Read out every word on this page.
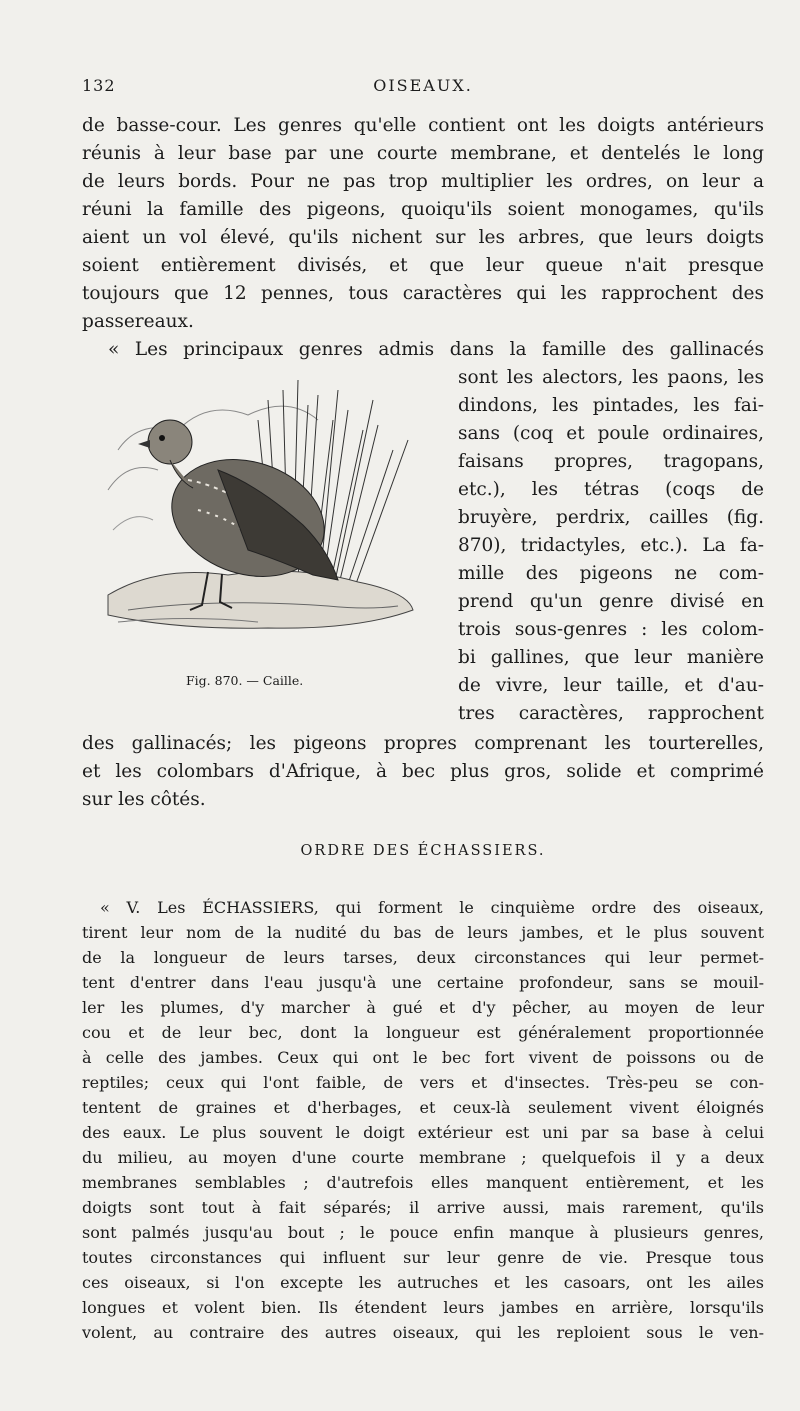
132	OISEAUX.
de basse-cour. Les genres qu'elle contient ont les doigts antérieurs
réunis à leur base par une courte membrane, et dentelés le long
de leurs bords. Pour ne pas trop multiplier les ordres, on leur a
réuni la famille des pigeons, quoiqu'ils soient monogames, qu'ils
aient un vol élevé, qu'ils nichent sur les arbres, que leurs doigts
soient entièrement divisés, et que leur queue n'ait presque
toujours que 12 pennes, tous caractères qui les rapprochent des
passereaux.
« Les principaux genres admis dans la famille des gallinacés
Fig. 870. — Caille.
sont les alectors, les paons, les
dindons, les pintades, les fai-
sans (coq et poule ordinaires,
faisans propres, tragopans,
etc.), les tétras (coqs de
bruyère, perdrix, cailles (fig.
870), tridactyles, etc.). La fa-
mille des pigeons ne com-
prend qu'un genre divisé en
trois sous-genres : les colom-
bi gallines, que leur manière
de vivre, leur taille, et d'au-
tres caractères, rapprochent
des gallinacés; les pigeons propres comprenant les tourterelles,
et les colombars d'Afrique, à bec plus gros, solide et comprimé
sur les côtés.
ORDRE DES ÉCHASSIERS.
« V. Les ÉCHASSIERS, qui forment le cinquième ordre des oiseaux,
tirent leur nom de la nudité du bas de leurs jambes, et le plus souvent
de la longueur de leurs tarses, deux circonstances qui leur permet-
tent d'entrer dans l'eau jusqu'à une certaine profondeur, sans se mouil-
ler les plumes, d'y marcher à gué et d'y pêcher, au moyen de leur
cou et de leur bec, dont la longueur est généralement proportionnée
à celle des jambes. Ceux qui ont le bec fort vivent de poissons ou de
reptiles; ceux qui l'ont faible, de vers et d'insectes. Très-peu se con-
tentent de graines et d'herbages, et ceux-là seulement vivent éloignés
des eaux. Le plus souvent le doigt extérieur est uni par sa base à celui
du milieu, au moyen d'une courte membrane ; quelquefois il y a deux
membranes semblables ; d'autrefois elles manquent entièrement, et les
doigts sont tout à fait séparés; il arrive aussi, mais rarement, qu'ils
sont palmés jusqu'au bout ; le pouce enfin manque à plusieurs genres,
toutes circonstances qui influent sur leur genre de vie. Presque tous
ces oiseaux, si l'on excepte les autruches et les casoars, ont les ailes
longues et volent bien. Ils étendent leurs jambes en arrière, lorsqu'ils
volent, au contraire des autres oiseaux, qui les reploient sous le ven-
